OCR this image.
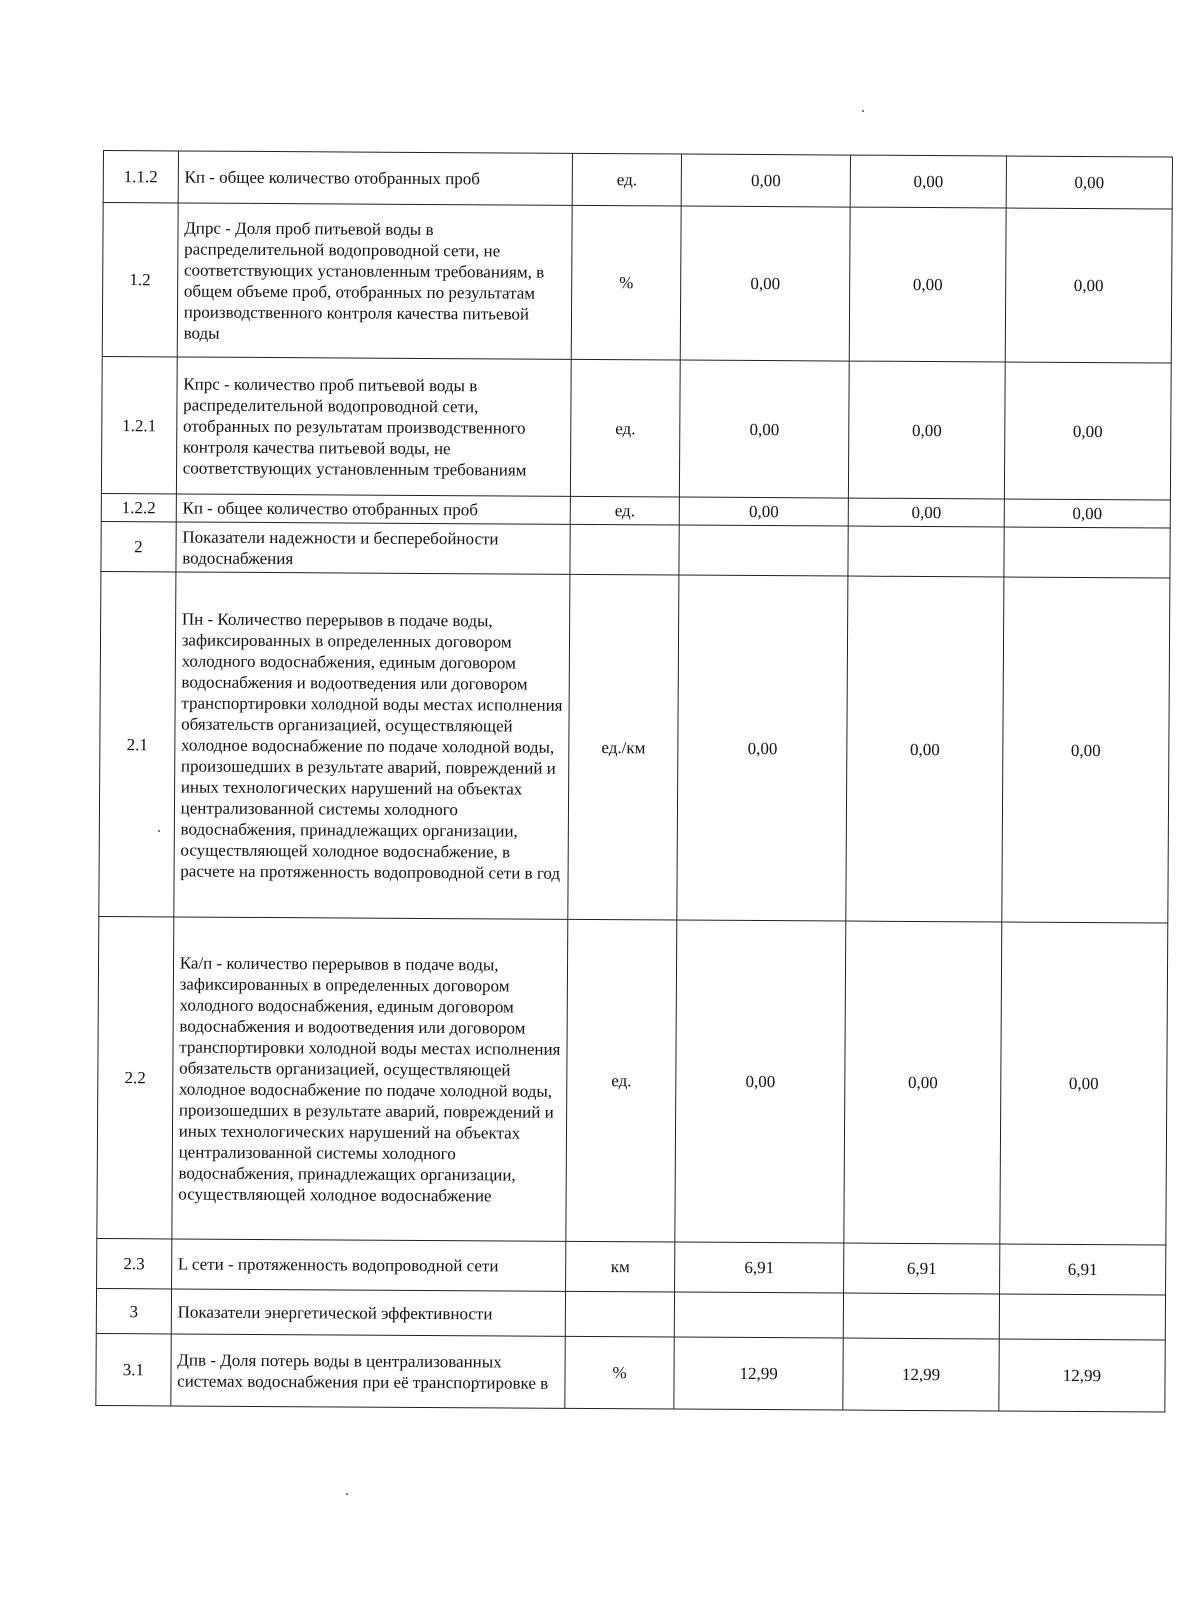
1.1.2	Кп - общее количество отобранных проб	ед.	0,00	0,00	0,00
1.2	Дпрс - Доля проб питьевой воды в распределительной водопроводной сети, не соответствующих установленным требованиям, в общем объеме проб, отобранных по результатам производственного контроля качества питьевой воды	%	0,00	0,00	0,00
1.2.1	Кпрс - количество проб питьевой воды в распределительной водопроводной сети, отобранных по результатам производственного контроля качества питьевой воды, не соответствующих установленным требованиям	ед.	0,00	0,00	0,00
1.2.2	Кп - общее количество отобранных проб	ед.	0,00	0,00	0,00
2	Показатели надежности и бесперебойности водоснабжения				
2.1	Пн - Количество перерывов в подаче воды, зафиксированных в определенных договором холодного водоснабжения, единым договором водоснабжения и водоотведения или договором транспортировки холодной воды местах исполнения обязательств организацией, осуществляющей холодное водоснабжение по подаче холодной воды, произошедших в результате аварий, повреждений и иных технологических нарушений на объектах централизованной системы холодного водоснабжения, принадлежащих организации, осуществляющей холодное водоснабжение, в расчете на протяженность водопроводной сети в год	ед./км	0,00	0,00	0,00
2.2	Ка/п - количество перерывов в подаче воды, зафиксированных в определенных договором холодного водоснабжения, единым договором водоснабжения и водоотведения или договором транспортировки холодной воды местах исполнения обязательств организацией, осуществляющей холодное водоснабжение по подаче холодной воды, произошедших в результате аварий, повреждений и иных технологических нарушений на объектах централизованной системы холодного водоснабжения, принадлежащих организации, осуществляющей холодное водоснабжение	ед.	0,00	0,00	0,00
2.3	L сети - протяженность водопроводной сети	км	6,91	6,91	6,91
3	Показатели энергетической эффективности				
3.1	Дпв - Доля потерь воды в централизованных системах водоснабжения при её транспортировке в	%	12,99	12,99	12,99
